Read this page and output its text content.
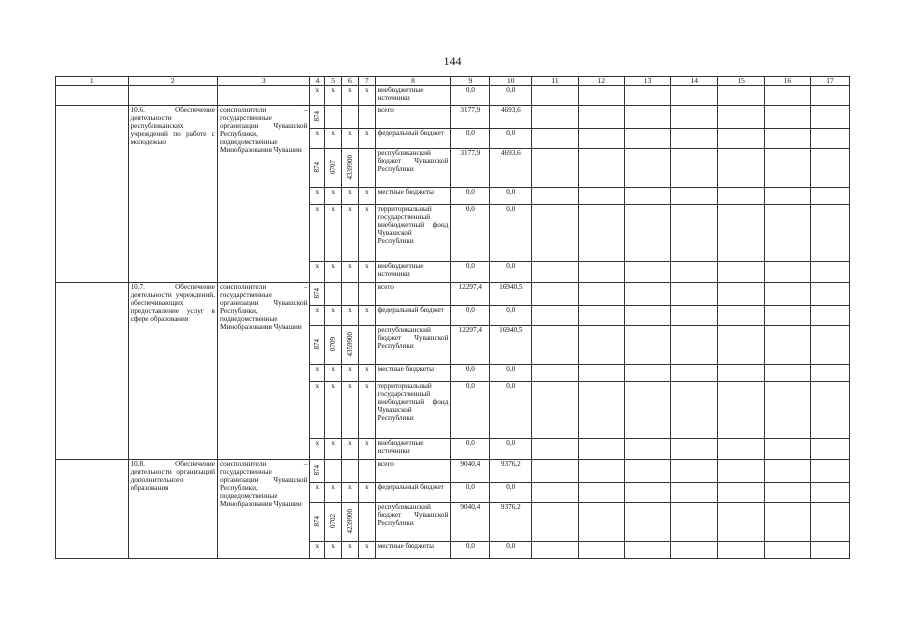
144
1	2	3	4	5	6	7	8	9	10	11	12	13	14	15	16	17
			x	x	x	x	внебюджетные источники	0,0	0,0							
	10.6. Обеспечение деятельности республиканских учреждений по работе с молодежью	соисполнители – государственные организации Чувашской Республики, подведомственные Минобразования Чувашии	874				всего	3177,9	4693,6							
			x	x	x	x	федеральный бюджет	0,0	0,0							
			874	0707	4339900		республиканский бюджет Чувашской Республики	3177,9	4693,6							
			x	x	x	x	местные бюджеты	0,0	0,0							
			x	x	x	x	территориальный государственный внебюджетный фонд Чувашской Республики	0,0	0,0							
			x	x	x	x	внебюджетные источники	0,0	0,0							
	10.7. Обеспечение деятельности учреждений, обеспечивающих предоставление услуг в сфере образования	соисполнители – государственные организации Чувашской Республики, подведомственные Минобразования Чувашии	874				всего	12297,4	16940,5							
			x	x	x	x	федеральный бюджет	0,0	0,0							
			874	0709	4359900		республиканский бюджет Чувашской Республики	12297,4	16940,5							
			x	x	x	x	местные бюджеты	0,0	0,0							
			x	x	x	x	территориальный государственный внебюджетный фонд Чувашской Республики	0,0	0,0							
			x	x	x	x	внебюджетные источники	0,0	0,0							
	10.8. Обеспечение деятельности организаций дополнительного образования	соисполнители – государственные организации Чувашской Республики, подведомственные Минобразования Чувашии	874				всего	9040,4	9376,2							
			x	x	x	x	федеральный бюджет	0,0	0,0							
			874	0702	4239900		республиканский бюджет Чувашской Республики	9040,4	9376,2							
			x	x	x	x	местные бюджеты	0,0	0,0							
